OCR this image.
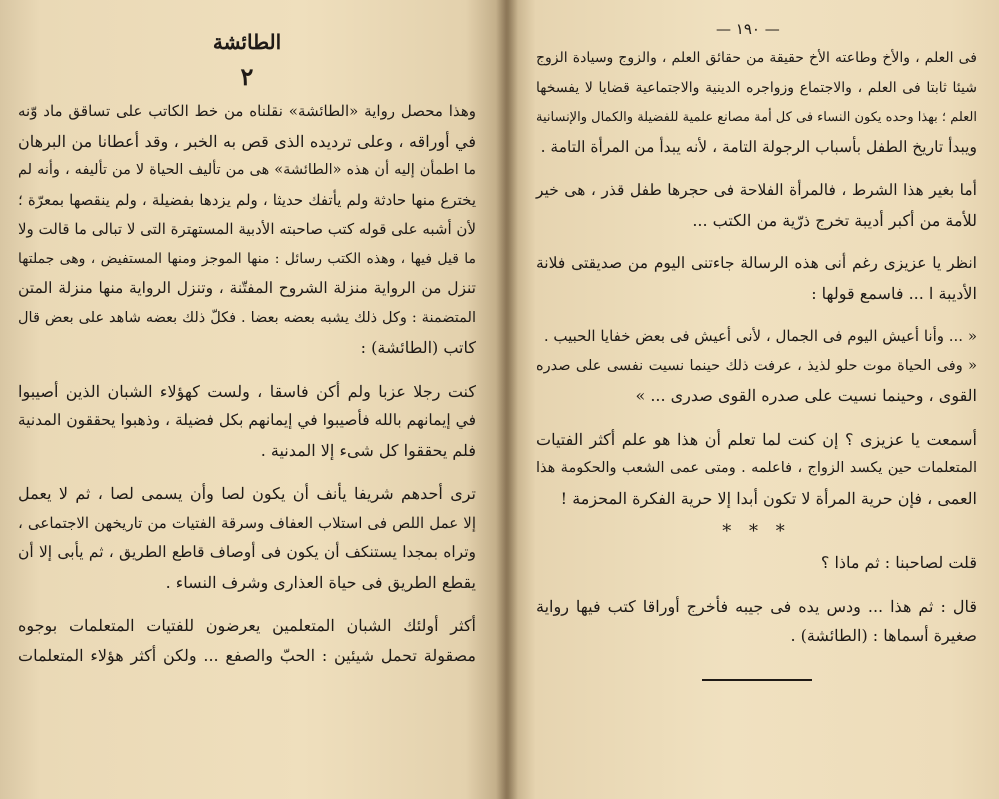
الطائشة
٢
وهذا محصل رواية «الطائشة» نقلناه من خط الكاتب على تساقق ماد وّنه
في أوراقه ، وعلى ترديده الذى قص به الخبر ، وقد أعطانا من البرهان
ما اطمأن إليه أن هذه «الطائشة» هى من تأليف الحياة لا من تأليفه ، وأنه لم
يخترع منها حادثة ولم يأتفك حديثا ، ولم يزدها بفضيلة ، ولم ينقصها بمعرّة ؛
لأن أشبه على قوله كتب صاحبته الأدبية المستهترة التى لا تبالى ما قالت ولا
ما قيل فيها ، وهذه الكتب رسائل : منها الموجز ومنها المستفيض ، وهى جملتها
تنزل من الرواية منزلة الشروح المفتّنة ، وتنزل الرواية منها منزلة المتن
المتضمنة : وكل ذلك يشبه بعضه بعضا . فكلّ ذلك بعضه شاهد على بعض قال
كاتب (الطائشة) :
كنت رجلا عزبا ولم أكن فاسقا ، ولست كهؤلاء الشبان الذين أصيبوا
في إيمانهم بالله فأصيبوا في إيمانهم بكل فضيلة ، وذهبوا يحققون المدنية
فلم يحققوا كل شىء إلا المدنية .
ترى أحدهم شريفا يأنف أن يكون لصا وأن يسمى لصا ، ثم لا يعمل
إلا عمل اللص فى استلاب العفاف وسرقة الفتيات من تاريخهن الاجتماعى ،
وتراه بمجدا يستنكف أن يكون فى أوصاف قاطع الطريق ، ثم يأبى إلا أن
يقطع الطريق فى حياة العذارى وشرف النساء .
أكثر أولئك الشبان المتعلمين يعرضون للفتيات المتعلمات بوجوه
مصقولة تحمل شيئين : الحبّ والصفع ... ولكن أكثر هؤلاء المتعلمات
— ١٩٠ —
فى العلم ، والأخ وطاعته الأخ حقيقة من حقائق العلم ، والزوج وسيادة الزوج
شيئا ثابتا فى العلم ، والاجتماع وزواجره الدينية والاجتماعية قضايا لا يفسخها
العلم ؛ بهذا وحده يكون النساء فى كل أمة مصانع علمية للفضيلة والكمال والإنسانية
ويبدأ تاريخ الطفل بأسباب الرجولة التامة ، لأنه يبدأ من المرأة التامة .
أما بغير هذا الشرط ، فالمرأة الفلاحة فى حجرها طفل قذر ، هى خير
للأمة من أكبر أديبة تخرج ذرّية من الكتب ...
انظر يا عزيزى رغم أنى هذه الرسالة جاءتنى اليوم من صديقتى فلانة
الأديبة ا ... فاسمع قولها :
« ... وأنا أعيش اليوم فى الجمال ، لأنى أعيش فى بعض خفايا الحبيب .
« وفى الحياة موت حلو لذيذ ، عرفت ذلك حينما نسيت نفسى على صدره
القوى ، وحينما نسيت على صدره القوى صدرى ... »
أسمعت يا عزيزى ؟ إن كنت لما تعلم أن هذا هو علم أكثر الفتيات
المتعلمات حين يكسد الزواج ، فاعلمه . ومتى عمى الشعب والحكومة هذا
العمى ، فإن حرية المرأة لا تكون أبدا إلا حرية الفكرة المحزمة !
* * *
قلت لصاحبنا : ثم ماذا ؟
قال : ثم هذا ... ودس يده فى جيبه فأخرج أوراقا كتب فيها رواية
صغيرة أسماها : (الطائشة) .
